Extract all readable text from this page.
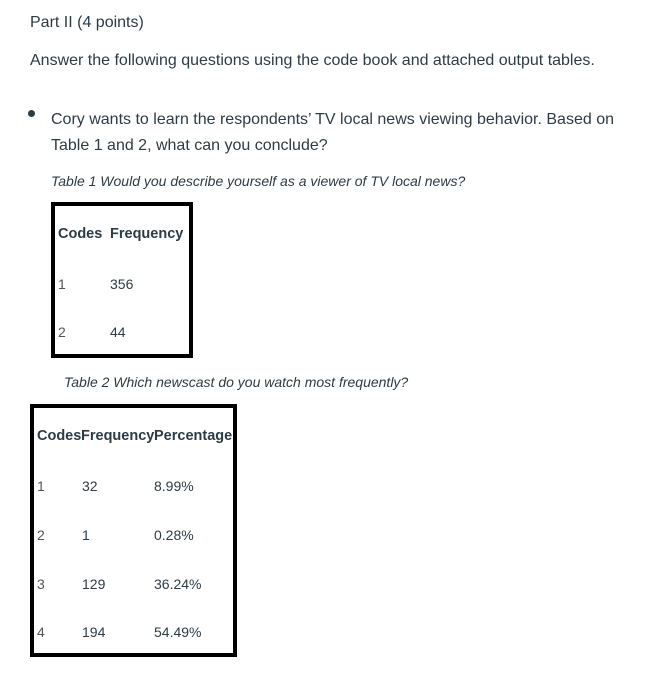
Part II (4 points)
Answer the following questions using the code book and attached output tables.
Cory wants to learn the respondents’ TV local news viewing behavior. Based on Table 1 and 2, what can you conclude?
Table 1 Would you describe yourself as a viewer of TV local news?
Codes Frequency
1	356
2	44
Table 2 Which newscast do you watch most frequently?
Codes Frequency Percentage
1	32	8.99%
2	1	0.28%
3	129	36.24%
4	194	54.49%
